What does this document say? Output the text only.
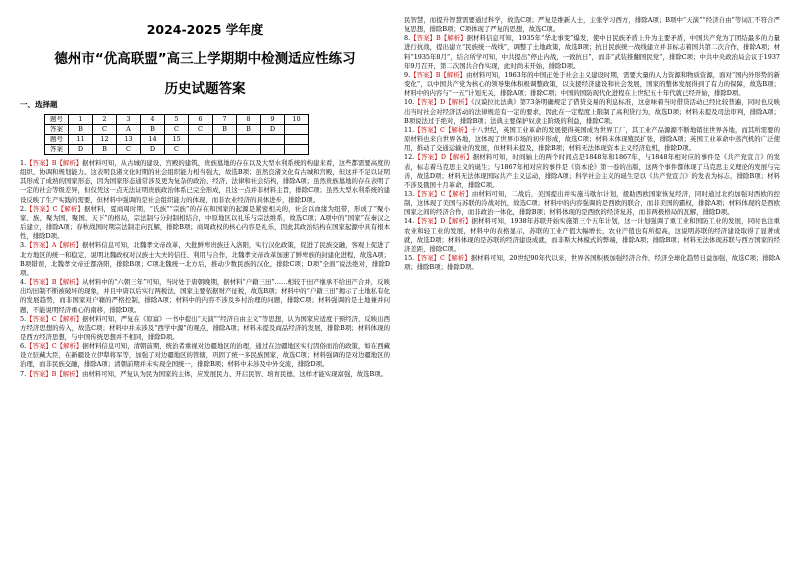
2024-2025 学年度
德州市“优高联盟”高三上学期期中检测适应性练习
历史试题答案
一、选择题
题号	1	2	3	4	5	6	7	8	9	10
答案	B	C	A	B	C	C	B	B	D	
题号	11	12	13	14	15					
答案	D	B	C	D	C					

1.【答案】B【解析】据材料可知，从古城的建设、宫殿的建筑、贵族墓地的存在以及大型水利系统的构建来看，这些都需要高度的组织、协调和规划能力。这表明良渚文化时期的社会组织能力相当强大，故选B项；虽然良渚文化有古城和宫殿，但这并不足以证明其形成了成熟的国家形态，因为国家形态通常涉及更为复杂的政治、经济、法律和社会结构，排除A项；虽然贵族墓地的存在表明了一定的社会等级差异，但仅凭这一点无法证明贵族政治体系已完全形成，且这一点并非材料主旨，排除C项；虽然大型水利系统的建设反映了生产实践的需要，但材料中强调的是社会组织能力的体现，而非农业经济的具体进步，排除D项。

2.【答案】C【解析】据材料，夏商周时期，“氏族”“宗族”的存在和国家的起源是紧密相关的，社会以血缘为纽带，形成了“聚小家、族、聚为国、聚国、天下”的格局，宗法制与分封制相结合，中原地区以礼乐与宗法维系，故选C项；A项中的“国家”在秦汉之后建立，排除A项；春秋战国时期宗法制走向瓦解，排除B项；商周政权的核心内容是礼乐，因此其政治结构在国家起源中具有根本性，排除D项。

3.【答案】A【解析】据材料信息可知，北魏孝文帝改革，大批鲜卑贵族迁入洛阳，实行汉化政策，促进了民族交融，客观上促进了北方地区的统一和稳定，说明北魏政权对汉族士大夫的信任、利用与合作，北魏孝文帝改革加速了鲜卑族的封建化进程，故选A项；B项错误，北魏孝文帝迁都洛阳，排除B项；C项北魏统一北方后，推动少数民族的汉化，排除C项；D项“全面”说法绝对，排除D项。

4.【答案】B【解析】从材料中的“六朝三年”可知，当时处于唐朝晚期，据材料“户籍三田”……相较于田产继承不给田产合并，反映出均田制不断被破坏的现象，并且中唐以后实行两税法，国家主要依据财产征税，故选B项；材料中的“户籍三田”揭示了土地私有化的发展趋势，而非国家对户籍的严格控制，排除A项；材料中的内容不涉及乡村治理的问题，排除C项；材料强调的是土地兼并问题，不能说明经济重心的南移，排除D项。

5.【答案】C【解析】据材料可知，严复在《原富》一书中提出“天演”“经济自由主义”等思想，认为国家应适度干预经济，反映出西方经济思想的传入，故选C项；材料中并未涉及“西学中源”的观点，排除A项；材料未提及商品经济的发展，排除B项；材料体现的是西方经济思想，与中国传统思想并不相同，排除D项。

6.【答案】C【解析】据材料信息可知，清朝前期，统治者重视对边疆地区的治理，通过在边疆地区实行因俗而治的政策，如在西藏设立驻藏大臣，在新疆设立伊犁将军等，加强了对边疆地区的管辖，巩固了统一多民族国家，故选C项；材料强调的是对边疆地区的治理，而非民族交融，排除A项；清朝前期并未实现全国统一，排除B项；材料中未涉及中外交流，排除D项。

7.【答案】B【解析】由材料可知，严复认为民为国家的主体，应发展民力、开启民智、培育民德，这样才能实现富强，故选B项。

民智慧，而提升智慧需要通过科学，故选C项；严复是维新人士，主张学习西方，排除A项；B项中“天演”“经济自由”等词汇不符合严复思想，排除B项；C项体现了严复的思想，故选C项。

8.【答案】B【解析】据材料信息可知，1935年“华北事变”爆发，使中日民族矛盾上升为主要矛盾，中国共产党为了团结最多的力量进行抗战，提出建立“民族统一战线”，调整了土地政策，故选B项；抗日民族统一战线建立并非标志着国共第二次合作，排除A项；材料“1935年8月”，结合所学可知，中共提出“停止内战，一致抗日”，而非“武装推翻国民党”，排除C项；中共中央政治局会议于1937年9月召开，第二次国共合作实现，此时尚未开始，排除D项。

9.【答案】B【解析】由材料可知，1963年的中国正处于社会主义建设时期，需要大量的人力资源和物质资源，面对“国内外形势的新变化”，以中国共产党为核心的领导集体积极调整政策，以支援经济建设和社会发展，国家的整体发展得到了有力的保障，故选B项；材料中的内容与“一五”计划无关，排除A项；排除C项；中国的国防现代化进程在上世纪五十年代就已经开始，排除D项。

10.【答案】D【解析】《汉谟拉比法典》第73条明确规定了借贷交易的利息标准，这意味着当时借贷活动已经比较普遍，同时也反映出当时社会对经济活动的法律规范有一定的要求，因此在一定程度上限制了高利贷行为，故选D项；材料未提及司法审判，排除A项；B项说法过于绝对，排除B项；法典主要保护奴隶主阶级的利益，排除C项。

11.【答案】C【解析】十八世纪，英国工业革命的发展使得英国成为世界工厂，其工业产品源源不断地销往世界各地，而其所需要的原材料也来自世界各地，这体现了世界市场的初步形成，故选C项；材料未体现殖民扩张，排除A项；英国工业革命中蒸汽机的广泛使用，推动了交通运输业的发展，但材料未提及，排除B项；材料无法体现资本主义经济危机，排除D项。

12.【答案】D【解析】据材料可知，时间轴上的两个时间点是1848年和1867年，与1848年相对应的事件是《共产党宣言》的发表，标志着马克思主义的诞生；与1867年相对应的事件是《资本论》第一卷的出版，这两个事件都体现了马克思主义理论的发展与完善，故选D项；材料无法体现国际共产主义运动，排除A项；科学社会主义的诞生是以《共产党宣言》的发表为标志，排除B项；材料不涉及俄国十月革命，排除C项。

13.【答案】C【解析】由材料可知，二战后，美国提出并实施马歇尔计划，援助西欧国家恢复经济，同时通过北约加强对西欧的控制，这体现了美国与苏联的冷战对抗，故选C项；材料中的内容强调的是西欧的联合，而非美国的霸权，排除A项；材料体现的是西欧国家之间的经济合作，而非政治一体化，排除B项；材料体现的是西欧的经济复苏，而非两极格局的瓦解，排除D项。

14.【答案】D【解析】据材料可知，1938年苏联开始实施第三个五年计划，这一计划强调了重工业和国防工业的发展，同时也注重农业和轻工业的发展，材料中的表格显示，苏联的工业产值大幅增长，农业产值也有所提高，这说明苏联的经济建设取得了显著成就，故选D项；材料体现的是苏联的经济建设成就，而非斯大林模式的弊端，排除A项；排除B项；材料无法体现苏联与西方国家的经济差距，排除C项。

15.【答案】C【解析】据材料可知，20世纪90年代以来，世界各国积极加强经济合作，经济全球化趋势日益加强，故选C项；排除A项；排除B项；排除D项。
